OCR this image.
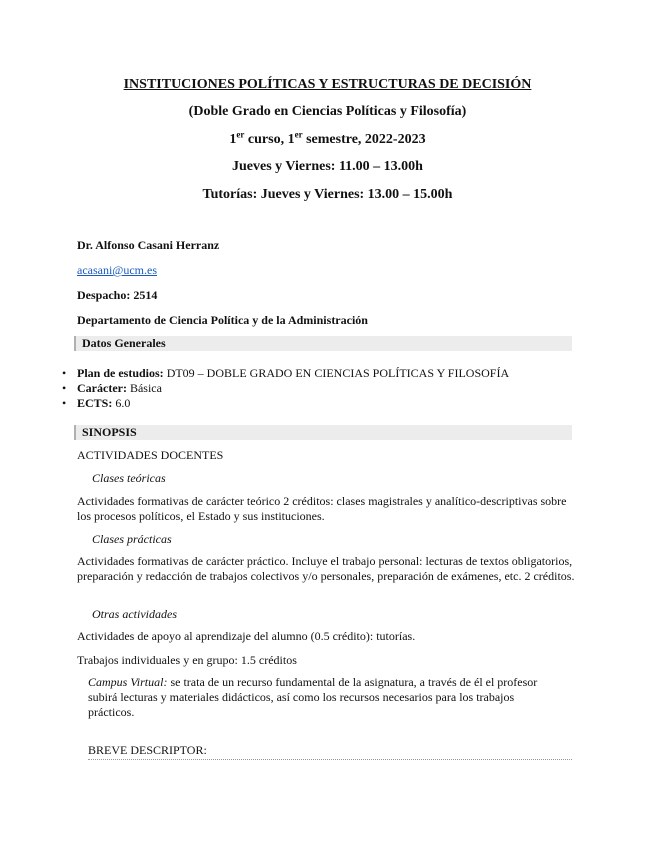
INSTITUCIONES POLÍTICAS Y ESTRUCTURAS DE DECISIÓN
(Doble Grado en Ciencias Políticas y Filosofía)
1er curso, 1er semestre, 2022-2023
Jueves y Viernes: 11.00 – 13.00h
Tutorías: Jueves y Viernes: 13.00 – 15.00h
Dr. Alfonso Casani Herranz
acasani@ucm.es
Despacho: 2514
Departamento de Ciencia Política y de la Administración
Datos Generales
• Plan de estudios: DT09 – DOBLE GRADO EN CIENCIAS POLÍTICAS Y FILOSOFÍA
• Carácter: Básica
• ECTS: 6.0
SINOPSIS
ACTIVIDADES DOCENTES
Clases teóricas
Actividades formativas de carácter teórico 2 créditos: clases magistrales y analítico-descriptivas sobre los procesos políticos, el Estado y sus instituciones.
Clases prácticas
Actividades formativas de carácter práctico. Incluye el trabajo personal: lecturas de textos obligatorios, preparación y redacción de trabajos colectivos y/o personales, preparación de exámenes, etc. 2 créditos.
Otras actividades
Actividades de apoyo al aprendizaje del alumno (0.5 crédito): tutorías.
Trabajos individuales y en grupo: 1.5 créditos
Campus Virtual: se trata de un recurso fundamental de la asignatura, a través de él el profesor subirá lecturas y materiales didácticos, así como los recursos necesarios para los trabajos prácticos.
BREVE DESCRIPTOR:
